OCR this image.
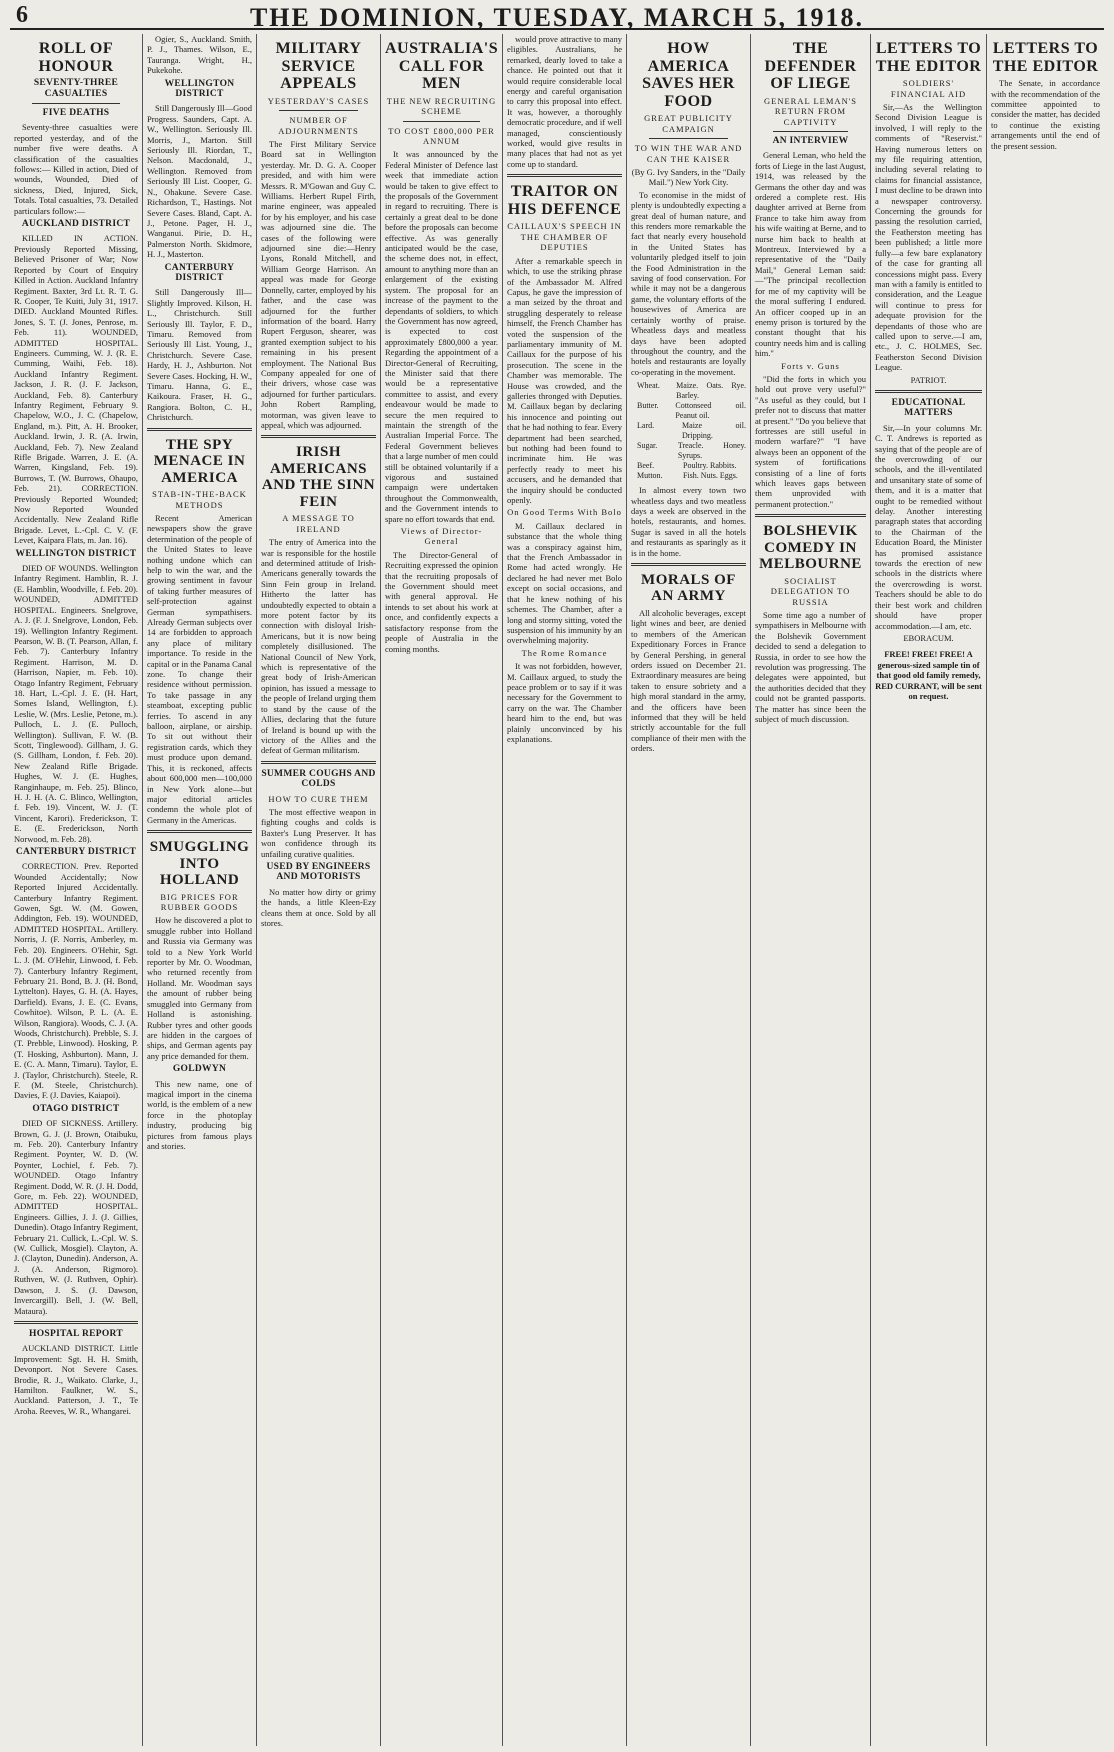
6	THE DOMINION, TUESDAY, MARCH 5, 1918.
ROLL OF HONOUR
SEVENTY-THREE CASUALTIES
FIVE DEATHS

Seventy-three casualties were reported yesterday, and of the number five were deaths. A classification of the casualties follows:— Killed in action, Died of wounds, Wounded, Died of sickness, Died, Injured, Sick, Totals. Total casualties, 73. Detailed particulars follow:—

AUCKLAND DISTRICT

KILLED IN ACTION. Previously Reported Missing, Believed Prisoner of War; Now Reported by Court of Enquiry Killed in Action. Auckland Infantry Regiment. Baxter, 3rd Lt. R. T. G. R. Cooper, Te Kuiti, July 31, 1917. DIED. Auckland Mounted Rifles. Jones, S. T. (J. Jones, Penrose, m. Feb. 11). WOUNDED, ADMITTED HOSPITAL. Engineers. Cumming, W. J. (R. E. Cumming, Waihi, Feb. 18). Auckland Infantry Regiment. Jackson, J. R. (J. F. Jackson, Auckland, Feb. 8). Canterbury Infantry Regiment, February 9. Chapelow, W.O., J. C. (Chapelow, England, m.). Pitt, A. H. Brooker, Auckland. Irwin, J. R. (A. Irwin, Auckland, Feb. 7). New Zealand Rifle Brigade. Warren, J. E. (A. Warren, Kingsland, Feb. 19). Burrows, T. (W. Burrows, Ohaupo, Feb. 21). CORRECTION. Previously Reported Wounded; Now Reported Wounded Accidentally. New Zealand Rifle Brigade. Levet, L.-Cpl. C. V. (F. Levet, Kaipara Flats, m. Jan. 16).

WELLINGTON DISTRICT

DIED OF WOUNDS. Wellington Infantry Regiment. Hamblin, R. J. (E. Hamblin, Woodville, f. Feb. 20). WOUNDED, ADMITTED HOSPITAL. Engineers. Snelgrove, A. J. (F. J. Snelgrove, London, Feb. 19). Wellington Infantry Regiment. Pearson, W. B. (T. Pearson, Allan, f. Feb. 7). Canterbury Infantry Regiment. Harrison, M. D. (Harrison, Napier, m. Feb. 10). Otago Infantry Regiment, February 18. Hart, L.-Cpl. J. E. (H. Hart, Somes Island, Wellington, f.). Leslie, W. (Mrs. Leslie, Petone, m.). Pulloch, L. J. (E. Pulloch, Wellington). Sullivan, F. W. (B. Scott, Tinglewood). Gillham, J. G. (S. Gillham, London, f. Feb. 20). New Zealand Rifle Brigade. Hughes, W. J. (E. Hughes, Ranginhaupe, m. Feb. 25). Blinco, H. J. H. (A. C. Blinco, Wellington, f. Feb. 19). Vincent, W. J. (T. Vincent, Karori). Frederickson, T. E. (E. Frederickson, North Norwood, m. Feb. 28).

CANTERBURY DISTRICT

CORRECTION. Prev. Reported Wounded Accidentally; Now Reported Injured Accidentally. Canterbury Infantry Regiment. Gowen, Sgt. W. (M. Gowen, Addington, Feb. 19). WOUNDED, ADMITTED HOSPITAL. Artillery. Norris, J. (F. Norris, Amberley, m. Feb. 20). Engineers. O'Hehir, Sgt. L. J. (M. O'Hehir, Linwood, f. Feb. 7). Canterbury Infantry Regiment, February 21. Bond, B. J. (H. Bond, Lyttelton). Hayes, G. H. (A. Hayes, Darfield). Evans, J. E. (C. Evans, Cowhitoe). Wilson, P. L. (A. E. Wilson, Rangiora). Woods, C. J. (A. Woods, Christchurch). Prebble, S. J. (T. Prebble, Linwood). Hosking, P. (T. Hosking, Ashburton). Mann, J. E. (C. A. Mann, Timaru). Taylor, E. J. (Taylor, Christchurch). Steele, R. F. (M. Steele, Christchurch). Davies, F. (J. Davies, Kaiapoi).

OTAGO DISTRICT

DIED OF SICKNESS. Artillery. Brown, G. J. (J. Brown, Otaibuku, m. Feb. 20). Canterbury Infantry Regiment. Poynter, W. D. (W. Poynter, Lochiel, f. Feb. 7). WOUNDED. Otago Infantry Regiment. Dodd, W. R. (J. H. Dodd, Gore, m. Feb. 22). WOUNDED, ADMITTED HOSPITAL. Engineers. Gillies, J. J. (J. Gillies, Dunedin). Otago Infantry Regiment, February 21. Cullick, L.-Cpl. W. S. (W. Cullick, Mosgiel). Clayton, A. J. (Clayton, Dunedin). Anderson, A. J. (A. Anderson, Rigmoro). Ruthven, W. (J. Ruthven, Ophir). Dawson, J. S. (J. Dawson, Invercargill). Bell, J. (W. Bell, Mataura).

HOSPITAL REPORT

AUCKLAND DISTRICT. Little Improvement: Sgt. H. H. Smith, Devonport. Not Severe Cases. Brodie, R. J., Waikato. Clarke, J., Hamilton. Faulkner, W. S., Auckland. Patterson, J. T., Te Aroha. Reeves, W. R., Whangarei.

Ogier, S., Auckland. Smith, P. J., Thames. Wilson, E., Tauranga. Wright, H., Pukekohe.

WELLINGTON DISTRICT

Still Dangerously Ill—Good Progress. Saunders, Capt. A. W., Wellington. Seriously Ill. Morris, J., Marton. Still Seriously Ill. Riordan, T., Nelson. Macdonald, J., Wellington. Removed from Seriously Ill List. Cooper, G. N., Ohakune. Severe Case. Richardson, T., Hastings. Not Severe Cases. Bland, Capt. A. J., Petone. Pager, H. J., Wanganui. Pirie, D. H., Palmerston North. Skidmore, H. J., Masterton.

CANTERBURY DISTRICT

Still Dangerously Ill—Slightly Improved. Kilson, H. L., Christchurch. Still Seriously Ill. Taylor, F. D., Timaru. Removed from Seriously Ill List. Young, J., Christchurch. Severe Case. Hardy, H. J., Ashburton. Not Severe Cases. Hocking, H. W., Timaru. Hanna, G. E., Kaikoura. Fraser, H. G., Rangiora. Bolton, C. H., Christchurch.

THE SPY MENACE IN AMERICA
STAB-IN-THE-BACK METHODS

Recent American newspapers show the grave determination of the people of the United States to leave nothing undone which can help to win the war, and the growing sentiment in favour of taking further measures of self-protection against German sympathisers. Already German subjects over 14 are forbidden to approach any place of military importance. To reside in the capital or in the Panama Canal zone. To change their residence without permission. To take passage in any steamboat, excepting public ferries. To ascend in any balloon, airplane, or airship. To sit out without their registration cards, which they must produce upon demand. This, it is reckoned, affects about 600,000 men—100,000 in New York alone—but major editorial articles condemn the whole plot of Germany in the Americas.

SMUGGLING INTO HOLLAND
BIG PRICES FOR RUBBER GOODS

How he discovered a plot to smuggle rubber into Holland and Russia via Germany was told to a New York World reporter by Mr. O. Woodman, who returned recently from Holland. Mr. Woodman says the amount of rubber being smuggled into Germany from Holland is astonishing. Rubber tyres and other goods are hidden in the cargoes of ships, and German agents pay any price demanded for them.

GOLDWYN

This new name, one of magical import in the cinema world, is the emblem of a new force in the photoplay industry, producing big pictures from famous plays and stories.

MILITARY SERVICE APPEALS
YESTERDAY'S CASES
NUMBER OF ADJOURNMENTS

The First Military Service Board sat in Wellington yesterday. Mr. D. G. A. Cooper presided, and with him were Messrs. R. M'Gowan and Guy C. Williams. Herbert Rupel Firth, marine engineer, was appealed for by his employer, and his case was adjourned sine die. The cases of the following were adjourned sine die:—Henry Lyons, Ronald Mitchell, and William George Harrison. An appeal was made for George Donnelly, carter, employed by his father, and the case was adjourned for the further information of the board. Harry Rupert Ferguson, shearer, was granted exemption subject to his remaining in his present employment. The National Bus Company appealed for one of their drivers, whose case was adjourned for further particulars. John Robert Rampling, motorman, was given leave to appeal, which was adjourned.

IRISH AMERICANS AND THE SINN FEIN
A MESSAGE TO IRELAND

The entry of America into the war is responsible for the hostile and determined attitude of Irish-Americans generally towards the Sinn Fein group in Ireland. Hitherto the latter has undoubtedly expected to obtain a more potent factor by its connection with disloyal Irish-Americans, but it is now being completely disillusioned. The National Council of New York, which is representative of the great body of Irish-American opinion, has issued a message to the people of Ireland urging them to stand by the cause of the Allies, declaring that the future of Ireland is bound up with the victory of the Allies and the defeat of German militarism.

SUMMER COUGHS AND COLDS
HOW TO CURE THEM

The most effective weapon in fighting coughs and colds is Baxter's Lung Preserver. It has won confidence through its unfailing curative qualities.

USED BY ENGINEERS AND MOTORISTS

No matter how dirty or grimy the hands, a little Kleen-Ezy cleans them at once. Sold by all stores.

AUSTRALIA'S CALL FOR MEN
THE NEW RECRUITING SCHEME
TO COST £800,000 PER ANNUM

It was announced by the Federal Minister of Defence last week that immediate action would be taken to give effect to the proposals of the Government in regard to recruiting. There is certainly a great deal to be done before the proposals can become effective. As was generally anticipated would be the case, the scheme does not, in effect, amount to anything more than an enlargement of the existing system. The proposal for an increase of the payment to the dependants of soldiers, to which the Government has now agreed, is expected to cost approximately £800,000 a year. Regarding the appointment of a Director-General of Recruiting, the Minister said that there would be a representative committee to assist, and every endeavour would be made to secure the men required to maintain the strength of the Australian Imperial Force. The Federal Government believes that a large number of men could still be obtained voluntarily if a vigorous and sustained campaign were undertaken throughout the Commonwealth, and the Government intends to spare no effort towards that end.

Views of Director-General

The Director-General of Recruiting expressed the opinion that the recruiting proposals of the Government should meet with general approval. He intends to set about his work at once, and confidently expects a satisfactory response from the people of Australia in the coming months.

would prove attractive to many eligibles. Australians, he remarked, dearly loved to take a chance. He pointed out that it would require considerable local energy and careful organisation to carry this proposal into effect. It was, however, a thoroughly democratic procedure, and if well managed, conscientiously worked, would give results in many places that had not as yet come up to standard.

TRAITOR ON HIS DEFENCE
CAILLAUX'S SPEECH IN THE CHAMBER OF DEPUTIES

After a remarkable speech in which, to use the striking phrase of the Ambassador M. Alfred Capus, he gave the impression of a man seized by the throat and struggling desperately to release himself, the French Chamber has voted the suspension of the parliamentary immunity of M. Caillaux for the purpose of his prosecution. The scene in the Chamber was memorable. The House was crowded, and the galleries thronged with Deputies. M. Caillaux began by declaring his innocence and pointing out that he had nothing to fear. Every department had been searched, but nothing had been found to incriminate him. He was perfectly ready to meet his accusers, and he demanded that the inquiry should be conducted openly.

On Good Terms With Bolo

M. Caillaux declared in substance that the whole thing was a conspiracy against him, that the French Ambassador in Rome had acted wrongly. He declared he had never met Bolo except on social occasions, and that he knew nothing of his schemes. The Chamber, after a long and stormy sitting, voted the suspension of his immunity by an overwhelming majority.

The Rome Romance

It was not forbidden, however, M. Caillaux argued, to study the peace problem or to say if it was necessary for the Government to carry on the war. The Chamber heard him to the end, but was plainly unconvinced by his explanations.

HOW AMERICA SAVES HER FOOD
GREAT PUBLICITY CAMPAIGN
TO WIN THE WAR AND CAN THE KAISER

(By G. Ivy Sanders, in the "Daily Mail.") New York City.

To economise in the midst of plenty is undoubtedly expecting a great deal of human nature, and this renders more remarkable the fact that nearly every household in the United States has voluntarily pledged itself to join the Food Administration in the saving of food conservation. For while it may not be a dangerous game, the voluntary efforts of the housewives of America are certainly worthy of praise. Wheatless days and meatless days have been adopted throughout the country, and the hotels and restaurants are loyally co-operating in the movement.

Wheat.	Maize. Oats. Rye. Barley.
Butter.	Cottonseed oil. Peanut oil.
Lard.	Maize oil. Dripping.
Sugar.	Treacle. Honey. Syrups.
Beef.	Poultry. Rabbits.
Mutton.	Fish. Nuts. Eggs.

In almost every town two wheatless days and two meatless days a week are observed in the hotels, restaurants, and homes. Sugar is saved in all the hotels and restaurants as sparingly as it is in the home.

MORALS OF AN ARMY

All alcoholic beverages, except light wines and beer, are denied to members of the American Expeditionary Forces in France by General Pershing, in general orders issued on December 21. Extraordinary measures are being taken to ensure sobriety and a high moral standard in the army, and the officers have been informed that they will be held strictly accountable for the full compliance of their men with the orders.

THE DEFENDER OF LIEGE
GENERAL LEMAN'S RETURN FROM CAPTIVITY
AN INTERVIEW

General Leman, who held the forts of Liege in the last August, 1914, was released by the Germans the other day and was ordered a complete rest. His daughter arrived at Berne from France to take him away from his wife waiting at Berne, and to nurse him back to health at Montreux. Interviewed by a representative of the "Daily Mail," General Leman said:—"The principal recollection for me of my captivity will be the moral suffering I endured. An officer cooped up in an enemy prison is tortured by the constant thought that his country needs him and is calling him."

Forts v. Guns

"Did the forts in which you hold out prove very useful?" "As useful as they could, but I prefer not to discuss that matter at present." "Do you believe that fortresses are still useful in modern warfare?" "I have always been an opponent of the system of fortifications consisting of a line of forts which leaves gaps between them unprovided with permanent protection."

BOLSHEVIK COMEDY IN MELBOURNE
SOCIALIST DELEGATION TO RUSSIA

Some time ago a number of sympathisers in Melbourne with the Bolshevik Government decided to send a delegation to Russia, in order to see how the revolution was progressing. The delegates were appointed, but the authorities decided that they could not be granted passports. The matter has since been the subject of much discussion.

LETTERS TO THE EDITOR
SOLDIERS' FINANCIAL AID

Sir,—As the Wellington Second Division League is involved, I will reply to the comments of "Reservist." Having numerous letters on my file requiring attention, including several relating to claims for financial assistance, I must decline to be drawn into a newspaper controversy. Concerning the grounds for passing the resolution carried, the Featherston meeting has been published; a little more fully—a few bare explanatory of the case for granting all concessions might pass. Every man with a family is entitled to consideration, and the League will continue to press for adequate provision for the dependants of those who are called upon to serve.—I am, etc., J. C. HOLMES, Sec. Featherston Second Division League.

PATRIOT.

EDUCATIONAL MATTERS

Sir,—In your columns Mr. C. T. Andrews is reported as saying that of the people are of the overcrowding of our schools, and the ill-ventilated and unsanitary state of some of them, and it is a matter that ought to be remedied without delay. Another interesting paragraph states that according to the Chairman of the Education Board, the Minister has promised assistance towards the erection of new schools in the districts where the overcrowding is worst. Teachers should be able to do their best work and children should have proper accommodation.—I am, etc.

EBORACUM.

FREE! FREE! FREE! A generous-sized sample tin of that good old family remedy, RED CURRANT, will be sent on request.
LETTERS TO THE EDITOR

The Senate, in accordance with the recommendation of the committee appointed to consider the matter, has decided to continue the existing arrangements until the end of the present session.
